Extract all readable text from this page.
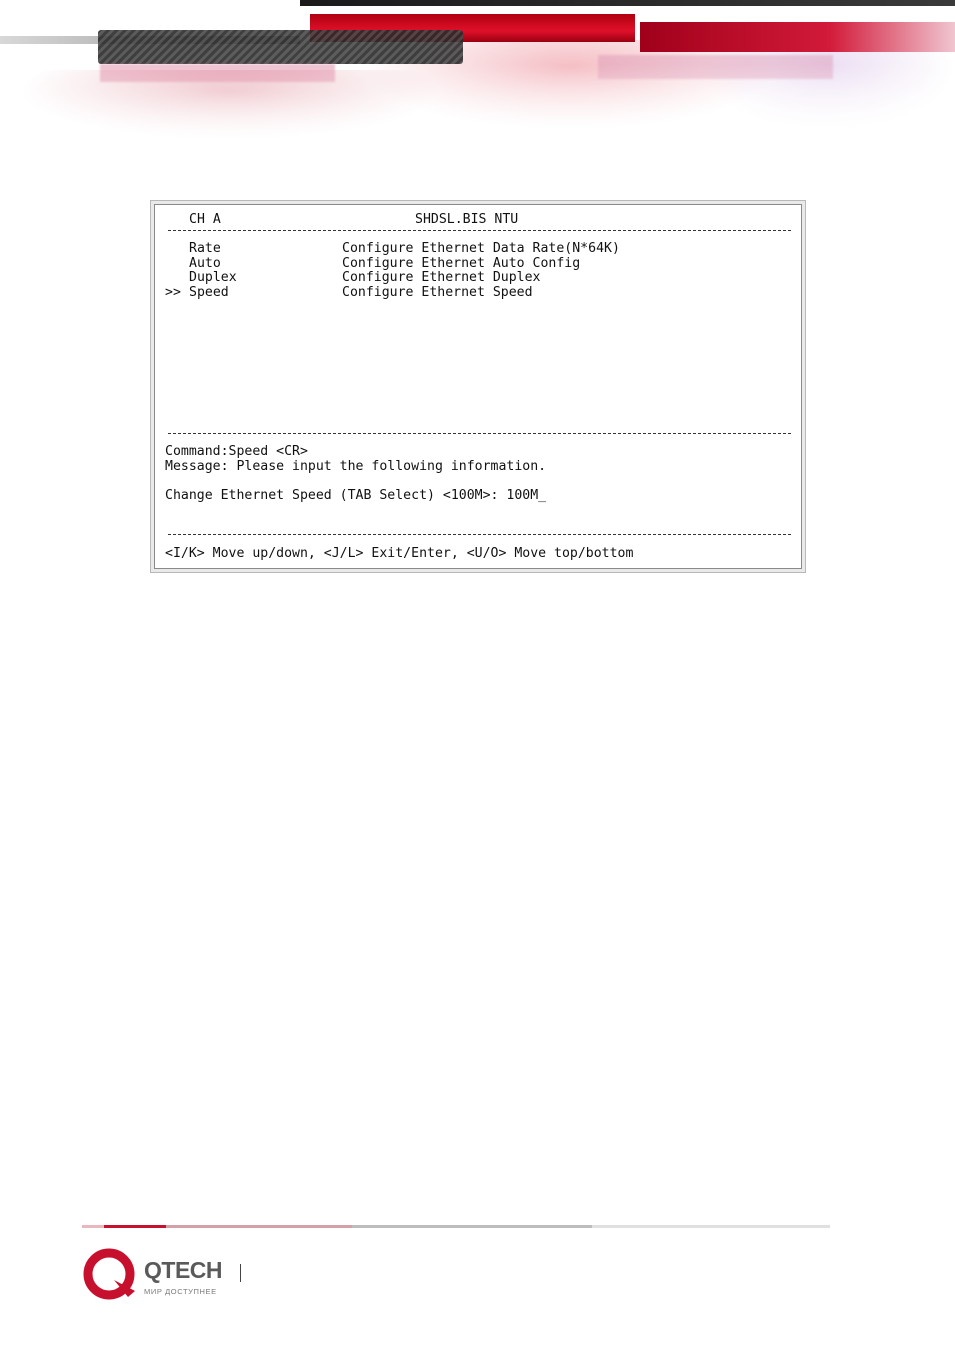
CH A	SHDSL.BIS NTU
Rate	Configure Ethernet Data Rate(N*64K)
Auto	Configure Ethernet Auto Config
Duplex	Configure Ethernet Duplex
>> Speed	Configure Ethernet Speed
Command:Speed <CR>
Message: Please input the following information.
Change Ethernet Speed (TAB Select) <100M>: 100M_
<I/K> Move up/down, <J/L> Exit/Enter, <U/O> Move top/bottom
QTECH
МИР ДОСТУПНЕЕ
